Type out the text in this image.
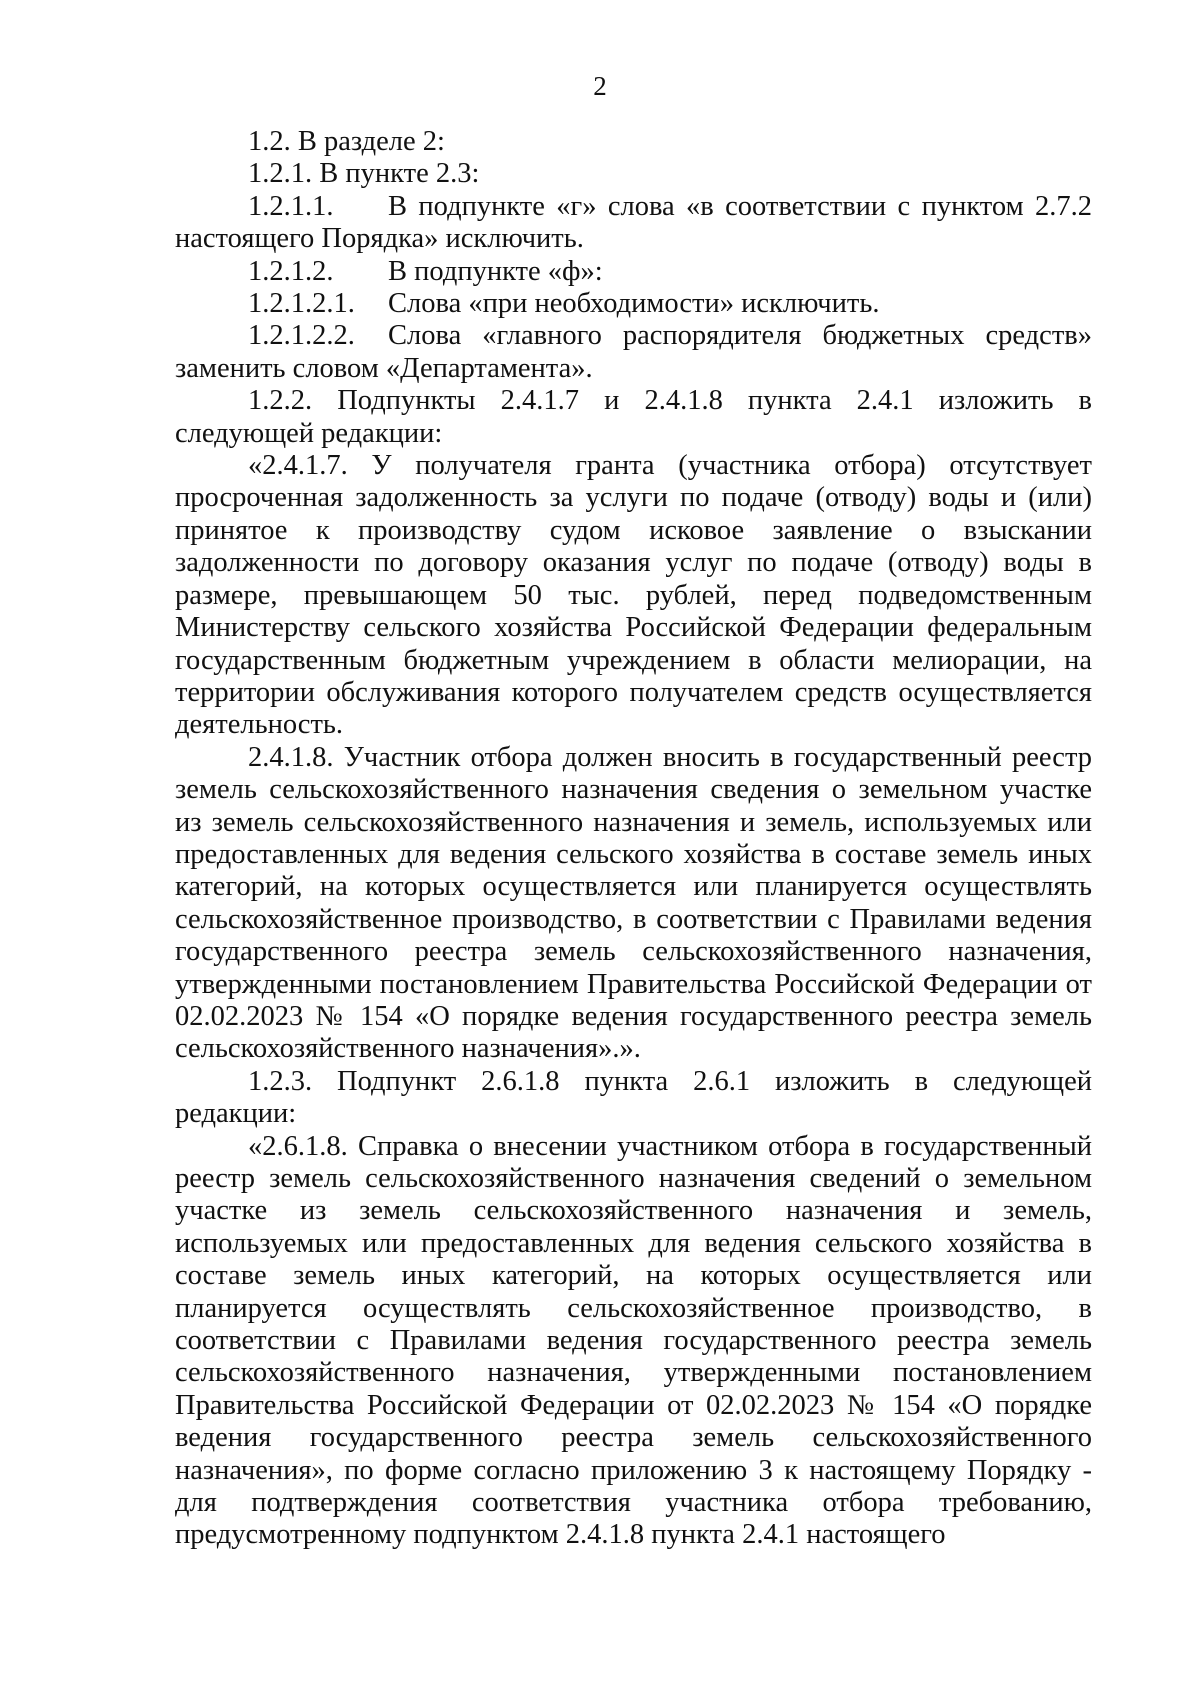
2

1.2. В разделе 2:

1.2.1. В пункте 2.3:

1.2.1.1. В подпункте «г» слова «в соответствии с пунктом 2.7.2 настоящего Порядка» исключить.

1.2.1.2.	В подпункте «ф»:
1.2.1.2.1.	Слова «при необходимости» исключить.

1.2.1.2.2. Слова «главного распорядителя бюджетных средств» заменить словом «Департамента».

1.2.2. Подпункты 2.4.1.7 и 2.4.1.8 пункта 2.4.1 изложить в следующей редакции:

«2.4.1.7. У получателя гранта (участника отбора) отсутствует просроченная задолженность за услуги по подаче (отводу) воды и (или) принятое к производству судом исковое заявление о взыскании задолженности по договору оказания услуг по подаче (отводу) воды в размере, превышающем 50 тыс. рублей, перед подведомственным Министерству сельского хозяйства Российской Федерации федеральным государственным бюджетным учреждением в области мелиорации, на территории обслуживания которого получателем средств осуществляется деятельность.

2.4.1.8. Участник отбора должен вносить в государственный реестр земель сельскохозяйственного назначения сведения о земельном участке из земель сельскохозяйственного назначения и земель, используемых или предоставленных для ведения сельского хозяйства в составе земель иных категорий, на которых осуществляется или планируется осуществлять сельскохозяйственное производство, в соответствии с Правилами ведения государственного реестра земель сельскохозяйственного назначения, утвержденными постановлением Правительства Российской Федерации от 02.02.2023 № 154 «О порядке ведения государственного реестра земель сельскохозяйственного назначения».».

1.2.3. Подпункт 2.6.1.8 пункта 2.6.1 изложить в следующей редакции:

«2.6.1.8. Справка о внесении участником отбора в государственный реестр земель сельскохозяйственного назначения сведений о земельном участке из земель сельскохозяйственного назначения и земель, используемых или предоставленных для ведения сельского хозяйства в составе земель иных категорий, на которых осуществляется или планируется осуществлять сельскохозяйственное производство, в соответствии с Правилами ведения государственного реестра земель сельскохозяйственного назначения, утвержденными постановлением Правительства Российской Федерации от 02.02.2023 № 154 «О порядке ведения государственного реестра земель сельскохозяйственного назначения», по форме согласно приложению 3 к настоящему Порядку - для подтверждения соответствия участника отбора требованию, предусмотренному подпунктом 2.4.1.8 пункта 2.4.1 настоящего
